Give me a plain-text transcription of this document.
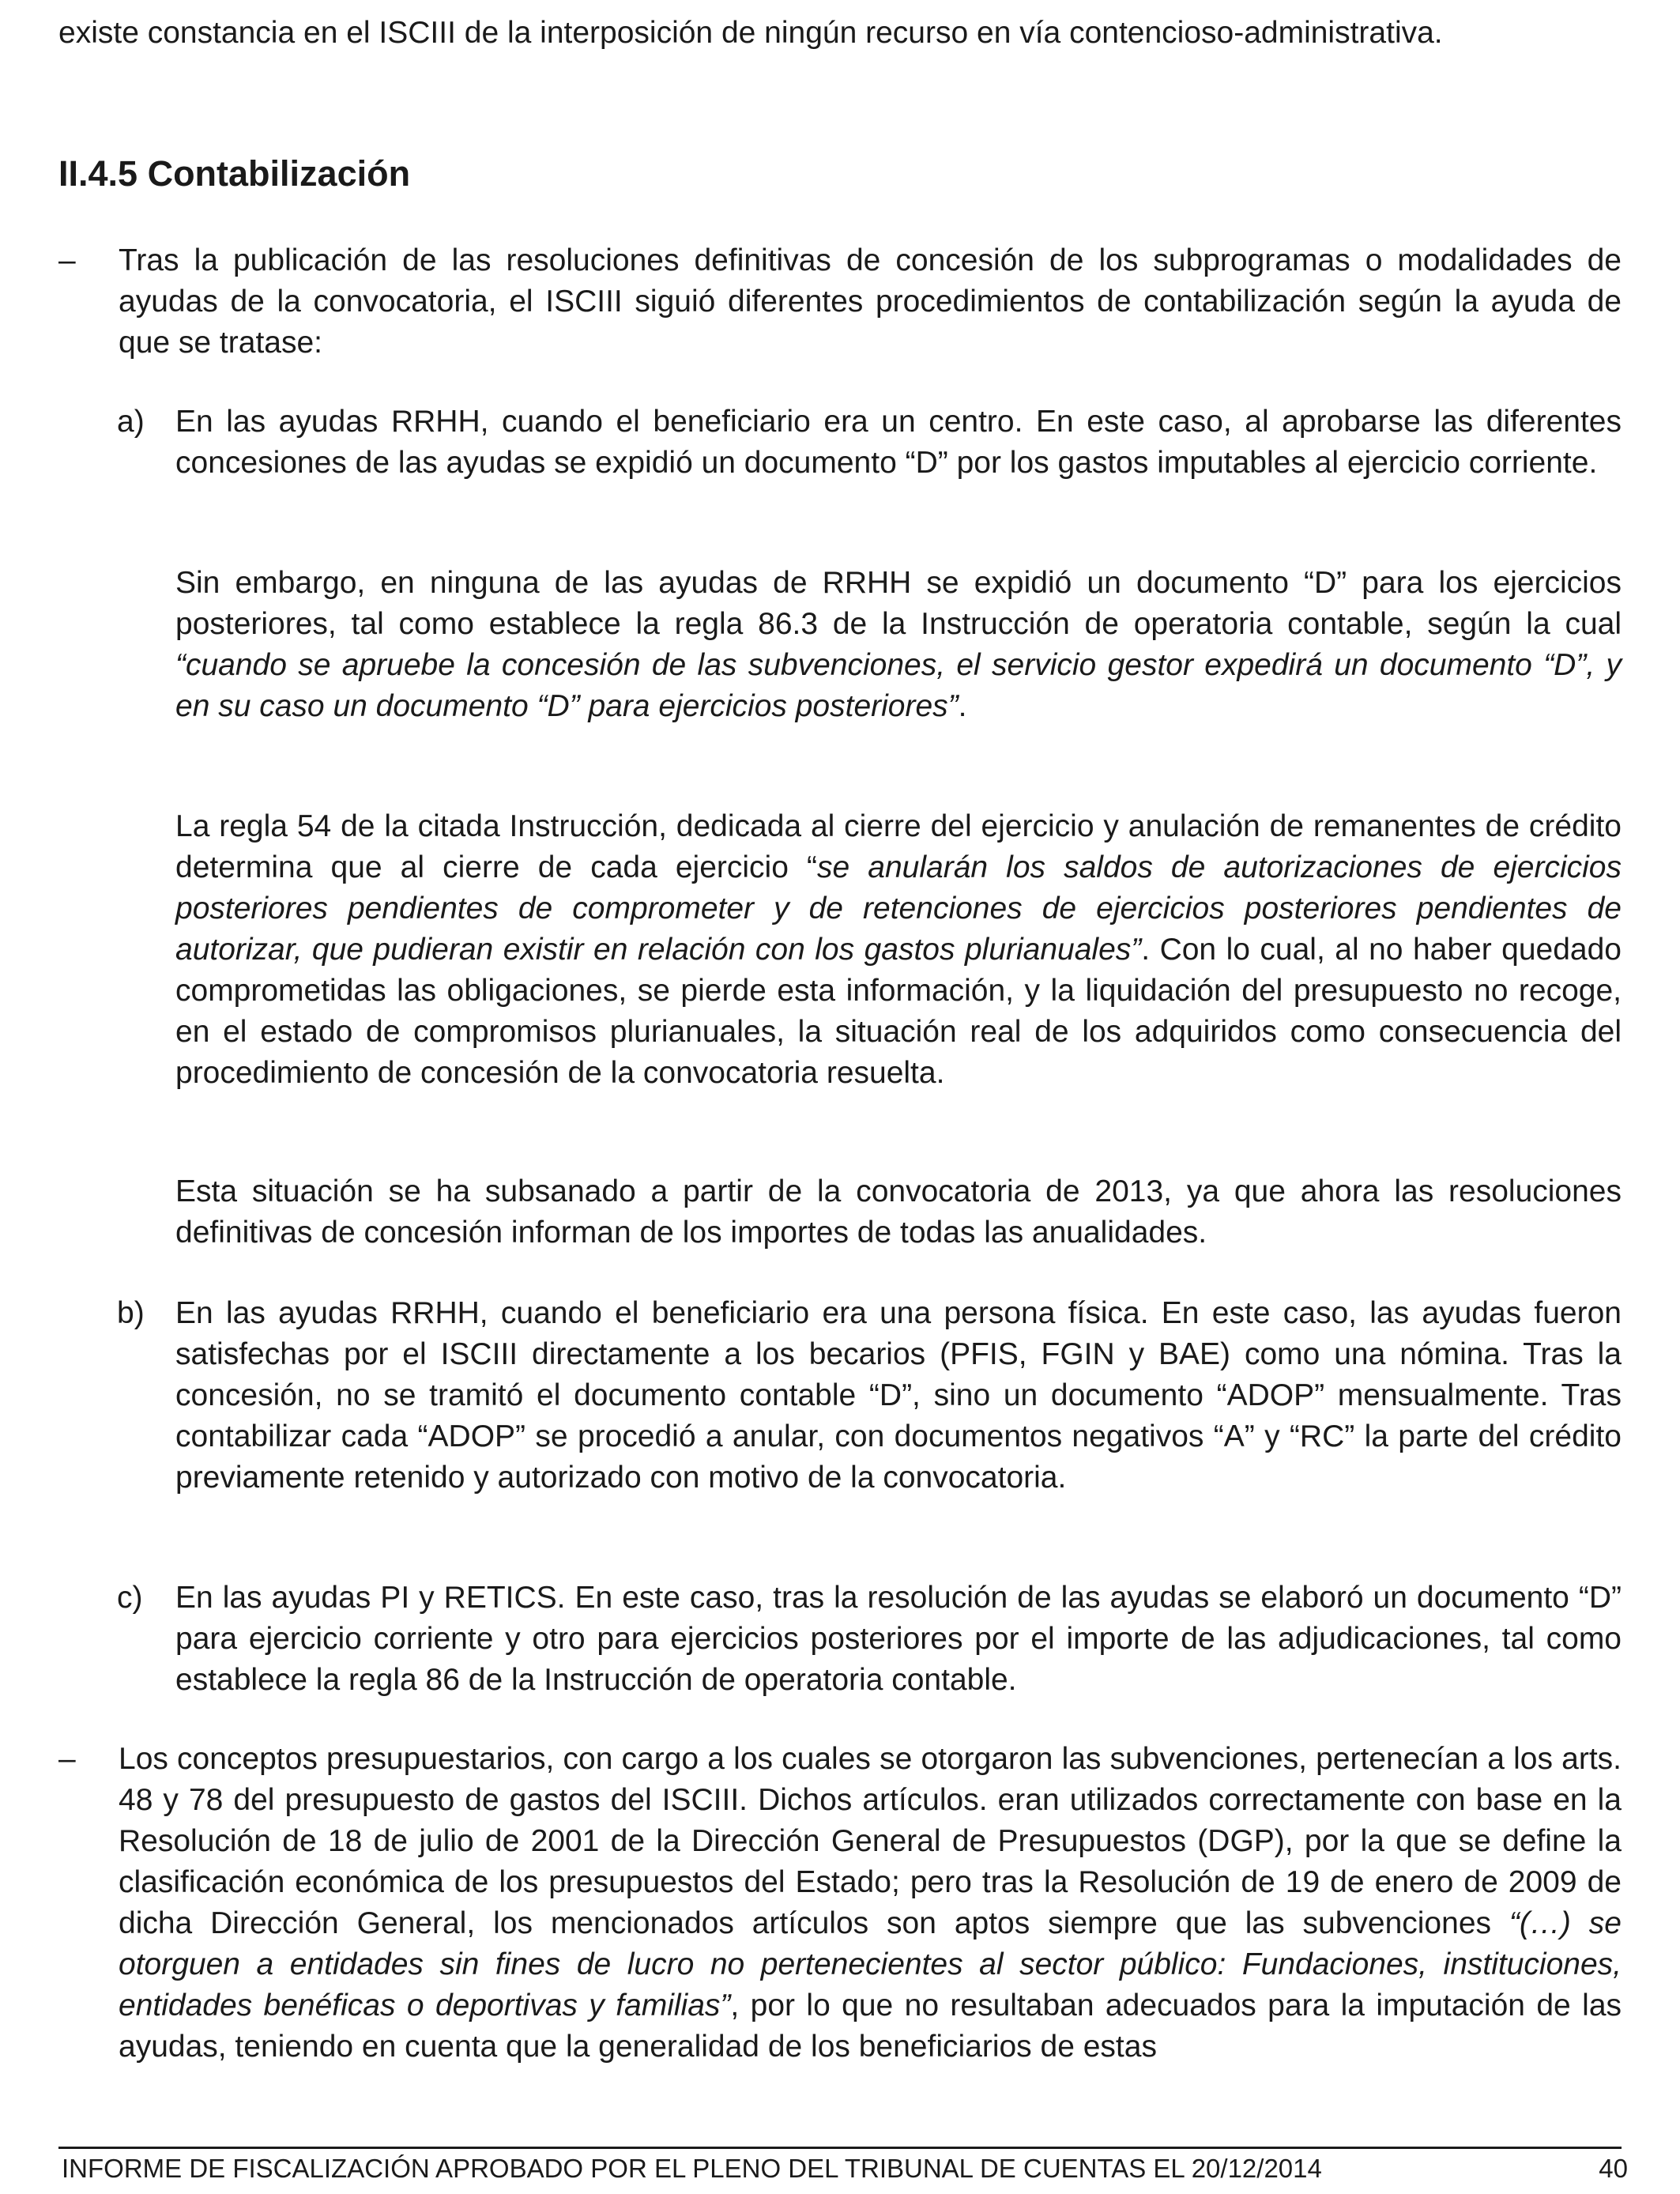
existe constancia en el ISCIII de la interposición de ningún recurso en vía contencioso-administrativa.

II.4.5 Contabilización
– Tras la publicación de las resoluciones definitivas de concesión de los subprogramas o modalidades de ayudas de la convocatoria, el ISCIII siguió diferentes procedimientos de contabilización según la ayuda de que se tratase:

a) En las ayudas RRHH, cuando el beneficiario era un centro. En este caso, al aprobarse las diferentes concesiones de las ayudas se expidió un documento “D” por los gastos imputables al ejercicio corriente.

Sin embargo, en ninguna de las ayudas de RRHH se expidió un documento “D” para los ejercicios posteriores, tal como establece la regla 86.3 de la Instrucción de operatoria contable, según la cual “cuando se apruebe la concesión de las subvenciones, el servicio gestor expedirá un documento “D”, y en su caso un documento “D” para ejercicios posteriores”.

La regla 54 de la citada Instrucción, dedicada al cierre del ejercicio y anulación de remanentes de crédito determina que al cierre de cada ejercicio “se anularán los saldos de autorizaciones de ejercicios posteriores pendientes de comprometer y de retenciones de ejercicios posteriores pendientes de autorizar, que pudieran existir en relación con los gastos plurianuales”. Con lo cual, al no haber quedado comprometidas las obligaciones, se pierde esta información, y la liquidación del presupuesto no recoge, en el estado de compromisos plurianuales, la situación real de los adquiridos como consecuencia del procedimiento de concesión de la convocatoria resuelta.

Esta situación se ha subsanado a partir de la convocatoria de 2013, ya que ahora las resoluciones definitivas de concesión informan de los importes de todas las anualidades.

b) En las ayudas RRHH, cuando el beneficiario era una persona física. En este caso, las ayudas fueron satisfechas por el ISCIII directamente a los becarios (PFIS, FGIN y BAE) como una nómina. Tras la concesión, no se tramitó el documento contable “D”, sino un documento “ADOP” mensualmente. Tras contabilizar cada “ADOP” se procedió a anular, con documentos negativos “A” y “RC” la parte del crédito previamente retenido y autorizado con motivo de la convocatoria.

c) En las ayudas PI y RETICS. En este caso, tras la resolución de las ayudas se elaboró un documento “D” para ejercicio corriente y otro para ejercicios posteriores por el importe de las adjudicaciones, tal como establece la regla 86 de la Instrucción de operatoria contable.

– Los conceptos presupuestarios, con cargo a los cuales se otorgaron las subvenciones, pertenecían a los arts. 48 y 78 del presupuesto de gastos del ISCIII. Dichos artículos. eran utilizados correctamente con base en la Resolución de 18 de julio de 2001 de la Dirección General de Presupuestos (DGP), por la que se define la clasificación económica de los presupuestos del Estado; pero tras la Resolución de 19 de enero de 2009 de dicha Dirección General, los mencionados artículos son aptos siempre que las subvenciones “(…) se otorguen a entidades sin fines de lucro no pertenecientes al sector público: Fundaciones, instituciones, entidades benéficas o deportivas y familias”, por lo que no resultaban adecuados para la imputación de las ayudas, teniendo en cuenta que la generalidad de los beneficiarios de estas

INFORME DE FISCALIZACIÓN APROBADO POR EL PLENO DEL TRIBUNAL DE CUENTAS EL 20/12/2014	40
